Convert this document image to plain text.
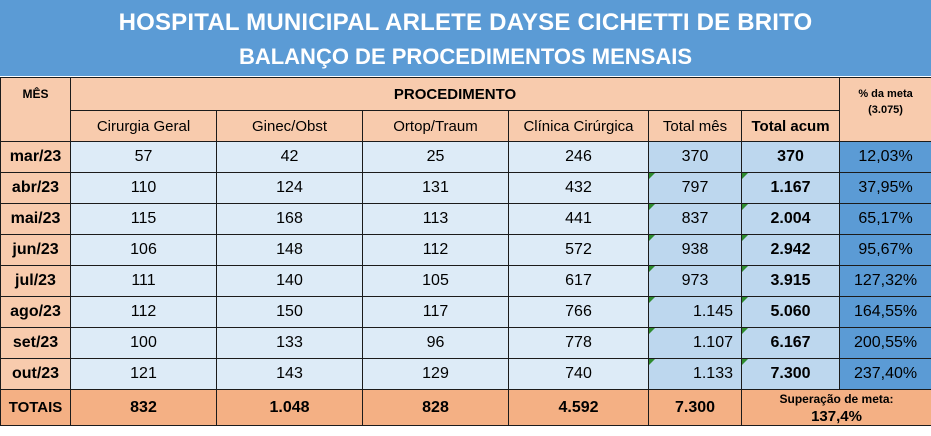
HOSPITAL MUNICIPAL ARLETE DAYSE CICHETTI DE BRITO
BALANÇO DE PROCEDIMENTOS MENSAIS
MÊS	PROCEDIMENTO						% da meta
(3.075)

	Cirurgia Geral	Ginec/Obst	Ortop/Traum	Clínica Cirúrgica	Total mês	Total acum	
mar/23	57	42	25	246	370	370	12,03%
abr/23	110	124	131	432	797	1.167	37,95%
mai/23	115	168	113	441	837	2.004	65,17%
jun/23	106	148	112	572	938	2.942	95,67%
jul/23	111	140	105	617	973	3.915	127,32%
ago/23	112	150	117	766	1.145	5.060	164,55%
set/23	100	133	96	778	1.107	6.167	200,55%
out/23	121	143	129	740	1.133	7.300	237,40%
TOTAIS	832	1.048	828	4.592	7.300	Superação de meta:
137,4%	
